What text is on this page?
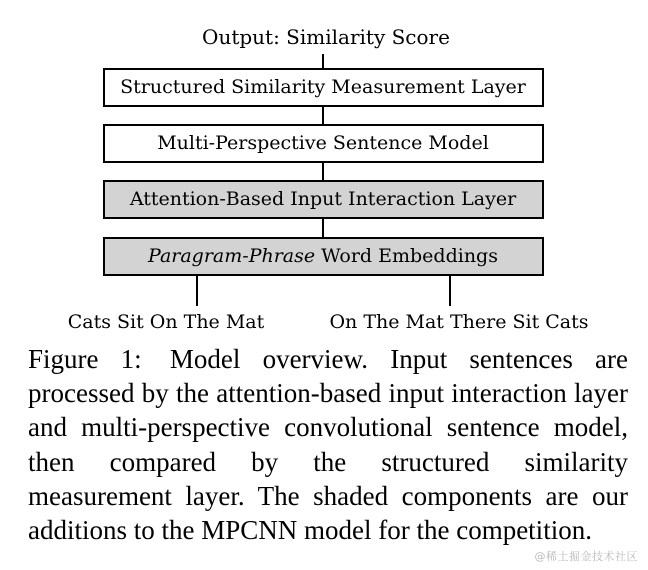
Output: Similarity Score
Structured Similarity Measurement Layer
Multi-Perspective Sentence Model
Attention-Based Input Interaction Layer
Paragram-Phrase Word Embeddings
Cats Sit On The Mat	On The Mat There Sit Cats

Figure 1: Model overview. Input sentences are processed by the attention-based input interaction layer and multi-perspective convolutional sentence model, then compared by the structured similarity measurement layer. The shaded components are our additions to the MPCNN model for the competition.

@稀土掘金技术社区
